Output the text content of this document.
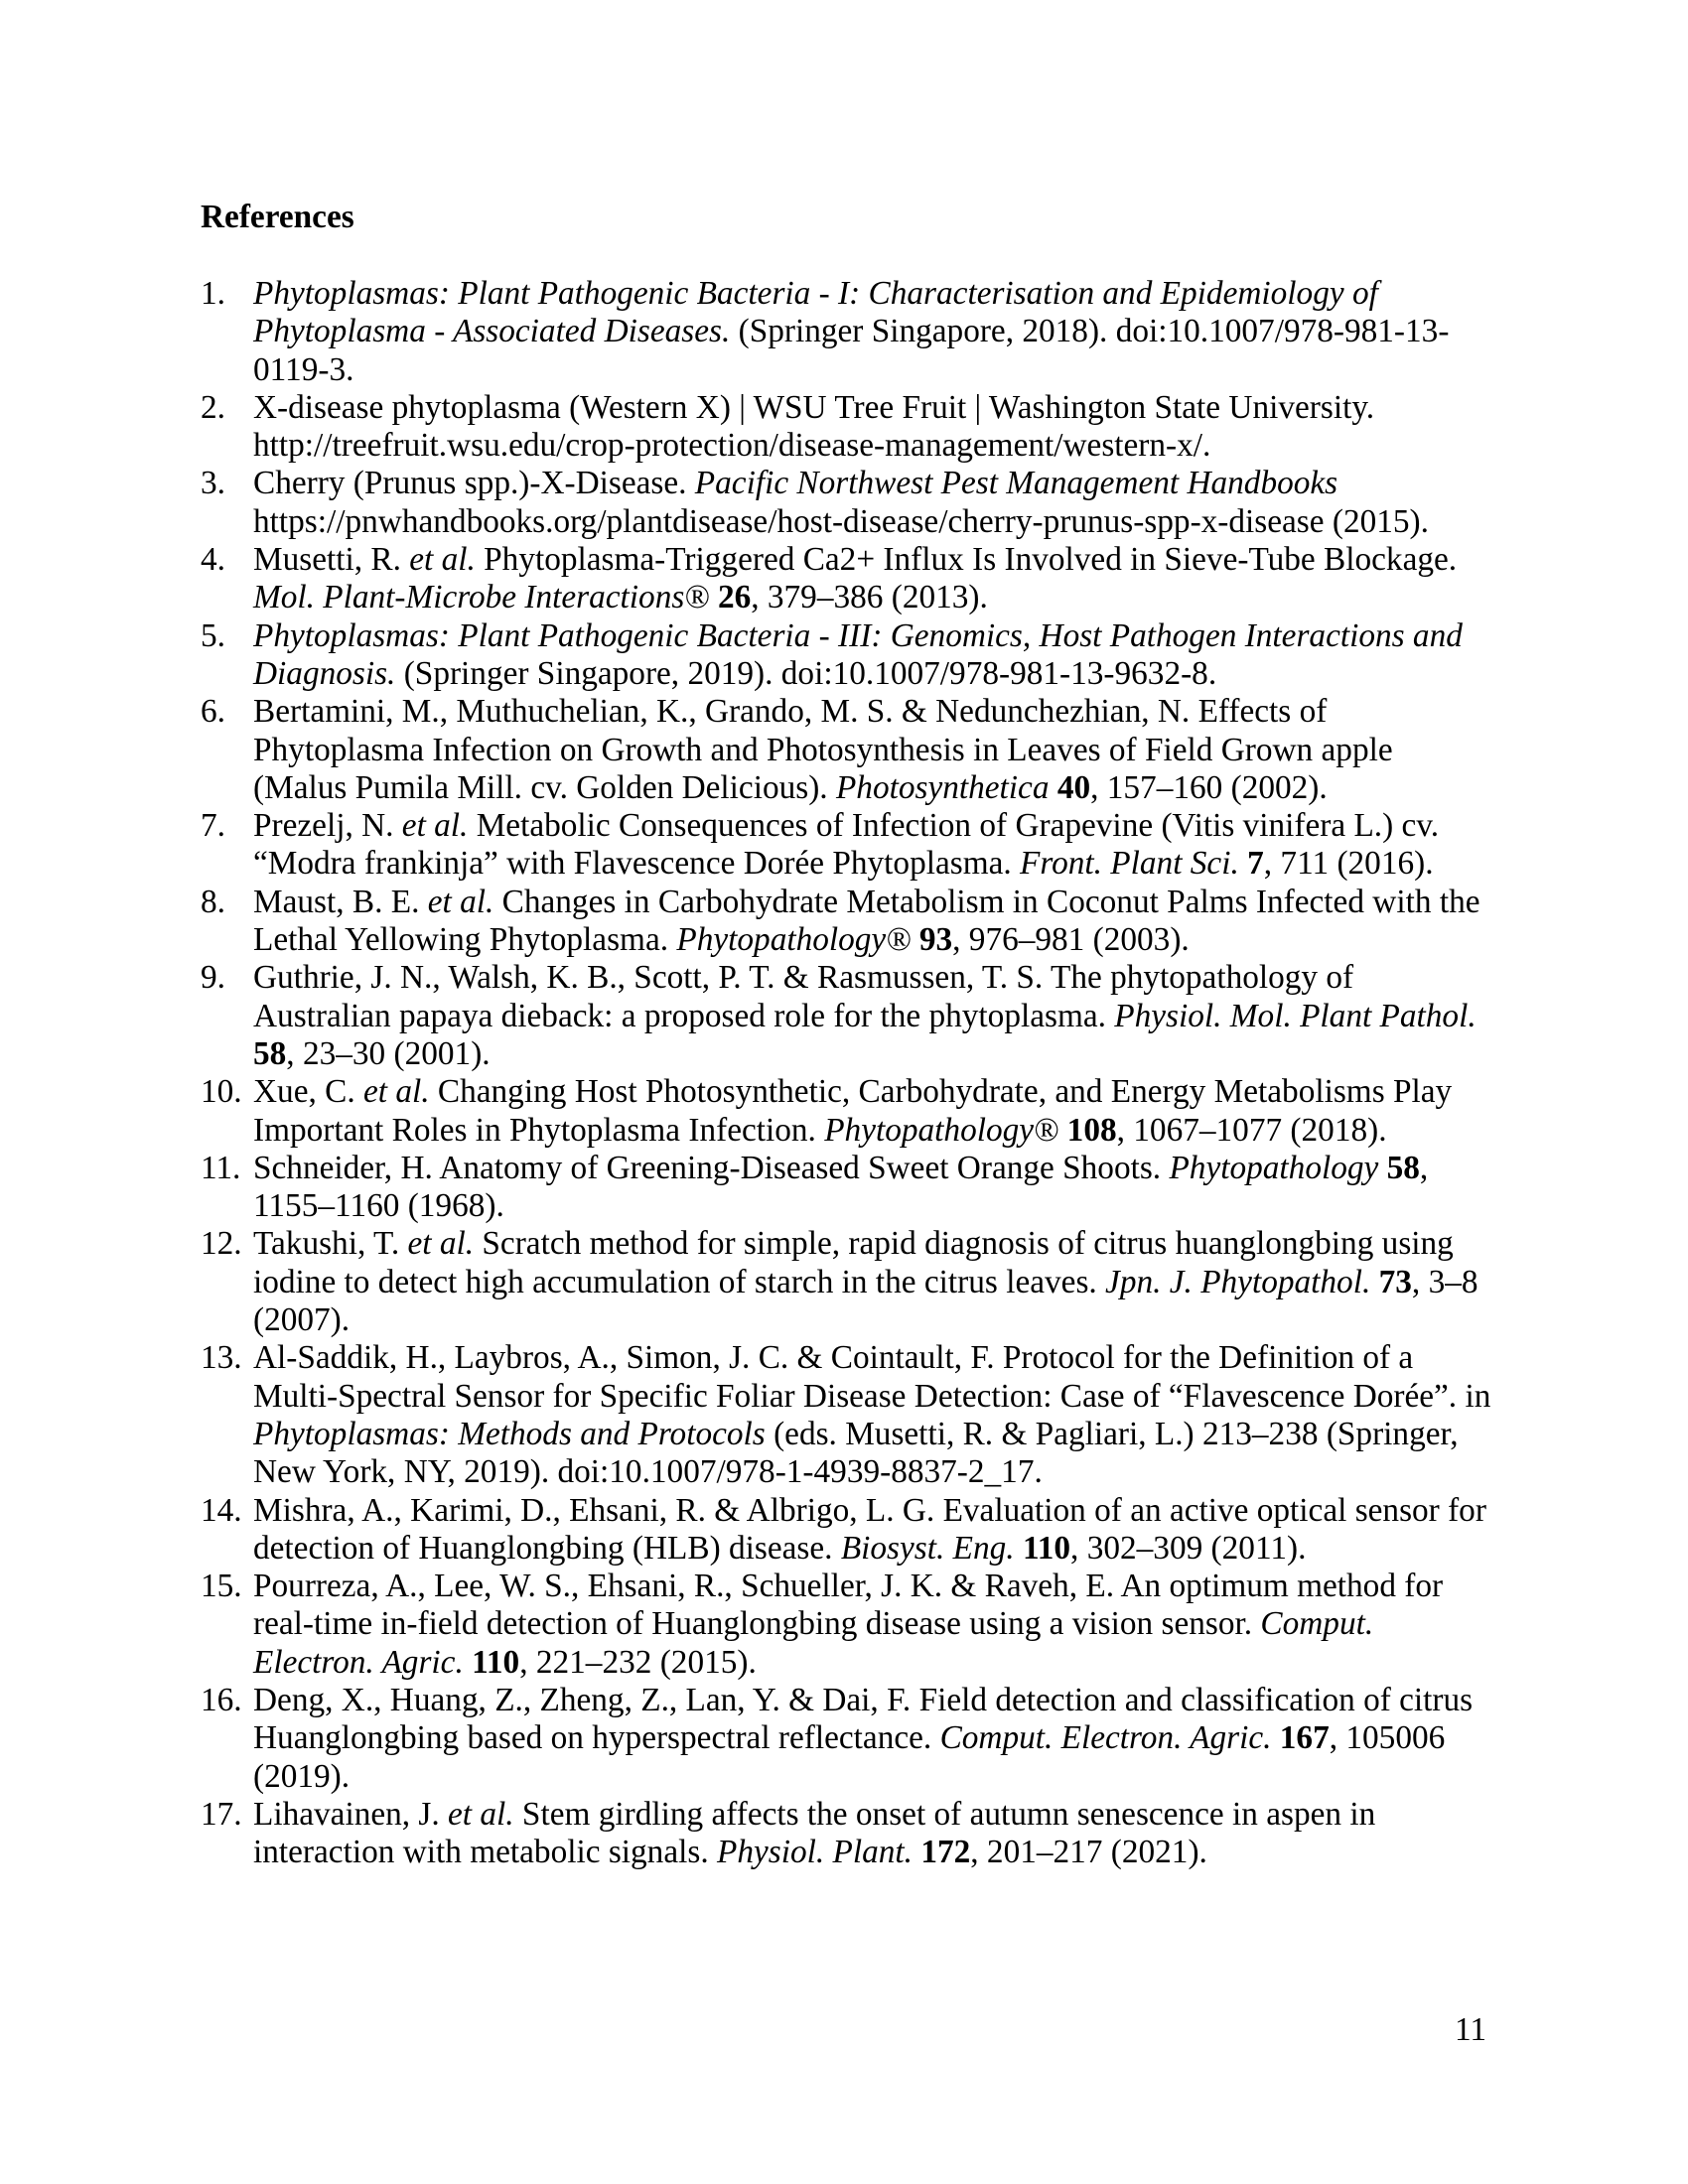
References
1. Phytoplasmas: Plant Pathogenic Bacteria - I: Characterisation and Epidemiology of Phytoplasma - Associated Diseases. (Springer Singapore, 2018). doi:10.1007/978-981-13-0119-3.
2. X-disease phytoplasma (Western X) | WSU Tree Fruit | Washington State University. http://treefruit.wsu.edu/crop-protection/disease-management/western-x/.
3. Cherry (Prunus spp.)-X-Disease. Pacific Northwest Pest Management Handbooks https://pnwhandbooks.org/plantdisease/host-disease/cherry-prunus-spp-x-disease (2015).
4. Musetti, R. et al. Phytoplasma-Triggered Ca2+ Influx Is Involved in Sieve-Tube Blockage. Mol. Plant-Microbe Interactions® 26, 379–386 (2013).
5. Phytoplasmas: Plant Pathogenic Bacteria - III: Genomics, Host Pathogen Interactions and Diagnosis. (Springer Singapore, 2019). doi:10.1007/978-981-13-9632-8.
6. Bertamini, M., Muthuchelian, K., Grando, M. S. & Nedunchezhian, N. Effects of Phytoplasma Infection on Growth and Photosynthesis in Leaves of Field Grown apple (Malus Pumila Mill. cv. Golden Delicious). Photosynthetica 40, 157–160 (2002).
7. Prezelj, N. et al. Metabolic Consequences of Infection of Grapevine (Vitis vinifera L.) cv. “Modra frankinja” with Flavescence Dorée Phytoplasma. Front. Plant Sci. 7, 711 (2016).
8. Maust, B. E. et al. Changes in Carbohydrate Metabolism in Coconut Palms Infected with the Lethal Yellowing Phytoplasma. Phytopathology® 93, 976–981 (2003).
9. Guthrie, J. N., Walsh, K. B., Scott, P. T. & Rasmussen, T. S. The phytopathology of Australian papaya dieback: a proposed role for the phytoplasma. Physiol. Mol. Plant Pathol. 58, 23–30 (2001).
10. Xue, C. et al. Changing Host Photosynthetic, Carbohydrate, and Energy Metabolisms Play Important Roles in Phytoplasma Infection. Phytopathology® 108, 1067–1077 (2018).
11. Schneider, H. Anatomy of Greening-Diseased Sweet Orange Shoots. Phytopathology 58, 1155–1160 (1968).
12. Takushi, T. et al. Scratch method for simple, rapid diagnosis of citrus huanglongbing using iodine to detect high accumulation of starch in the citrus leaves. Jpn. J. Phytopathol. 73, 3–8 (2007).
13. Al-Saddik, H., Laybros, A., Simon, J. C. & Cointault, F. Protocol for the Definition of a Multi-Spectral Sensor for Specific Foliar Disease Detection: Case of “Flavescence Dorée”. in Phytoplasmas: Methods and Protocols (eds. Musetti, R. & Pagliari, L.) 213–238 (Springer, New York, NY, 2019). doi:10.1007/978-1-4939-8837-2_17.
14. Mishra, A., Karimi, D., Ehsani, R. & Albrigo, L. G. Evaluation of an active optical sensor for detection of Huanglongbing (HLB) disease. Biosyst. Eng. 110, 302–309 (2011).
15. Pourreza, A., Lee, W. S., Ehsani, R., Schueller, J. K. & Raveh, E. An optimum method for real-time in-field detection of Huanglongbing disease using a vision sensor. Comput. Electron. Agric. 110, 221–232 (2015).
16. Deng, X., Huang, Z., Zheng, Z., Lan, Y. & Dai, F. Field detection and classification of citrus Huanglongbing based on hyperspectral reflectance. Comput. Electron. Agric. 167, 105006 (2019).
17. Lihavainen, J. et al. Stem girdling affects the onset of autumn senescence in aspen in interaction with metabolic signals. Physiol. Plant. 172, 201–217 (2021).
11
